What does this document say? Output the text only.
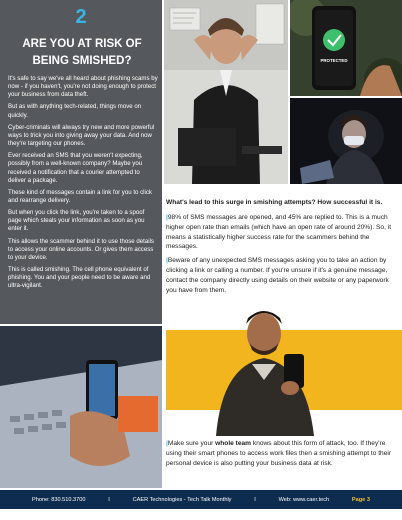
2
ARE YOU AT RISK OF BEING SMISHED?

It's safe to say we've all heard about phishing scams by now - if you haven't, you're not doing enough to protect your business from data theft.

But as with anything tech-related, things move on quickly.

Cyber-criminals will always try new and more powerful ways to trick you into giving away your data. And now they're targeting our phones.

Ever received an SMS that you weren't expecting, possibly from a well-known company? Maybe you received a notification that a courier attempted to deliver a package.

These kind of messages contain a link for you to click and rearrange delivery.

But when you click the link, you're taken to a spoof page which steals your information as soon as you enter it.

This allows the scammer behind it to use those details to access your online accounts. Or gives them access to your device.

This is called smishing. The cell phone equivalent of phishing. You and your people need to be aware and ultra-vigilant.

PROTECTED
What's lead to this surge in smishing attempts? How successful it is.
|98% of SMS messages are opened, and 45% are replied to. This is a much higher open rate than emails (which have an open rate of around 20%). So, it means a statistically higher success rate for the scammers behind the messages.
|Beware of any unexpected SMS messages asking you to take an action by clicking a link or calling a number. If you're unsure if it's a genuine message, contact the company directly using details on their website or any paperwork you have from them.
|Make sure your whole team knows about this form of attack, too. If they're using their smart phones to access work files then a smishing attempt to their personal device is also putting your business data at risk.
Phone: 830.510.3700	I	CAER Technologies - Tech Talk Monthly	I	Web: www.caer.tech	Page 3
